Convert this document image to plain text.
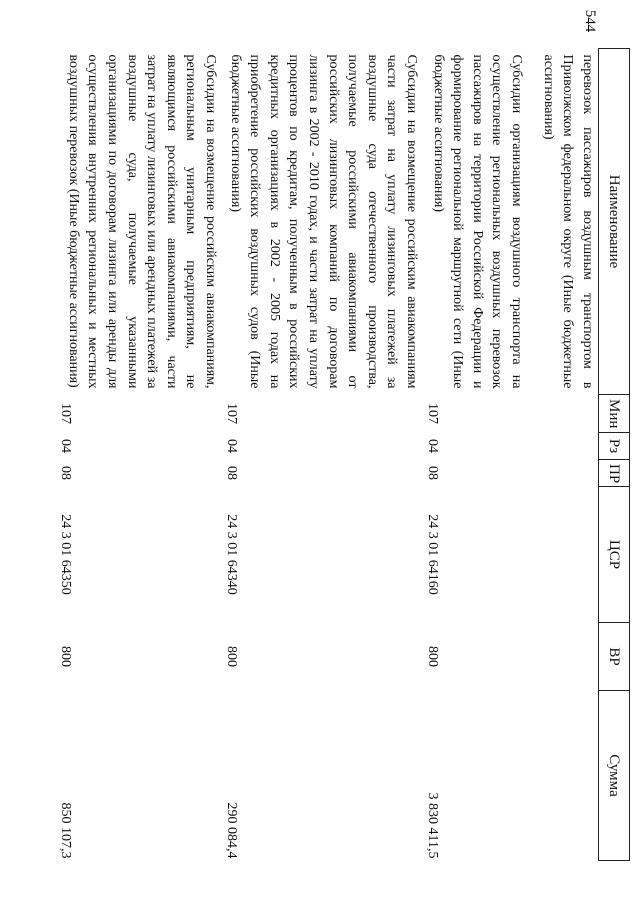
544
Наименование	Мин	Рз	ПР	ЦСР	ВР	Сумма
перевозок пассажиров воздушным транспортом в Приволжском федеральном округе (Иные бюджетные ассигнования)						
Субсидии организациям воздушного транспорта на осуществление региональных воздушных перевозок пассажиров на территории Российской Федерации и формирование региональной маршрутной сети (Иные бюджетные ассигнования)	107	04	08	24 3 01 64160	800	3 830 411,5
Субсидии на возмещение российским авиакомпаниям части затрат на уплату лизинговых платежей за воздушные суда отечественного производства, получаемые российскими авиакомпаниями от российских лизинговых компаний по договорам лизинга в 2002 - 2010 годах, и части затрат на уплату процентов по кредитам, полученным в российских кредитных организациях в 2002 - 2005 годах на приобретение российских воздушных судов (Иные бюджетные ассигнования)	107	04	08	24 3 01 64340	800	290 084,4
Субсидии на возмещение российским авиакомпаниям, региональным унитарным предприятиям, не являющимся российскими авиакомпаниями, части затрат на уплату лизинговых или арендных платежей за воздушные суда, получаемые указанными организациями по договорам лизинга или аренды для осуществления внутренних региональных и местных воздушных перевозок (Иные бюджетные ассигнования)	107	04	08	24 3 01 64350	800	850 107,3
